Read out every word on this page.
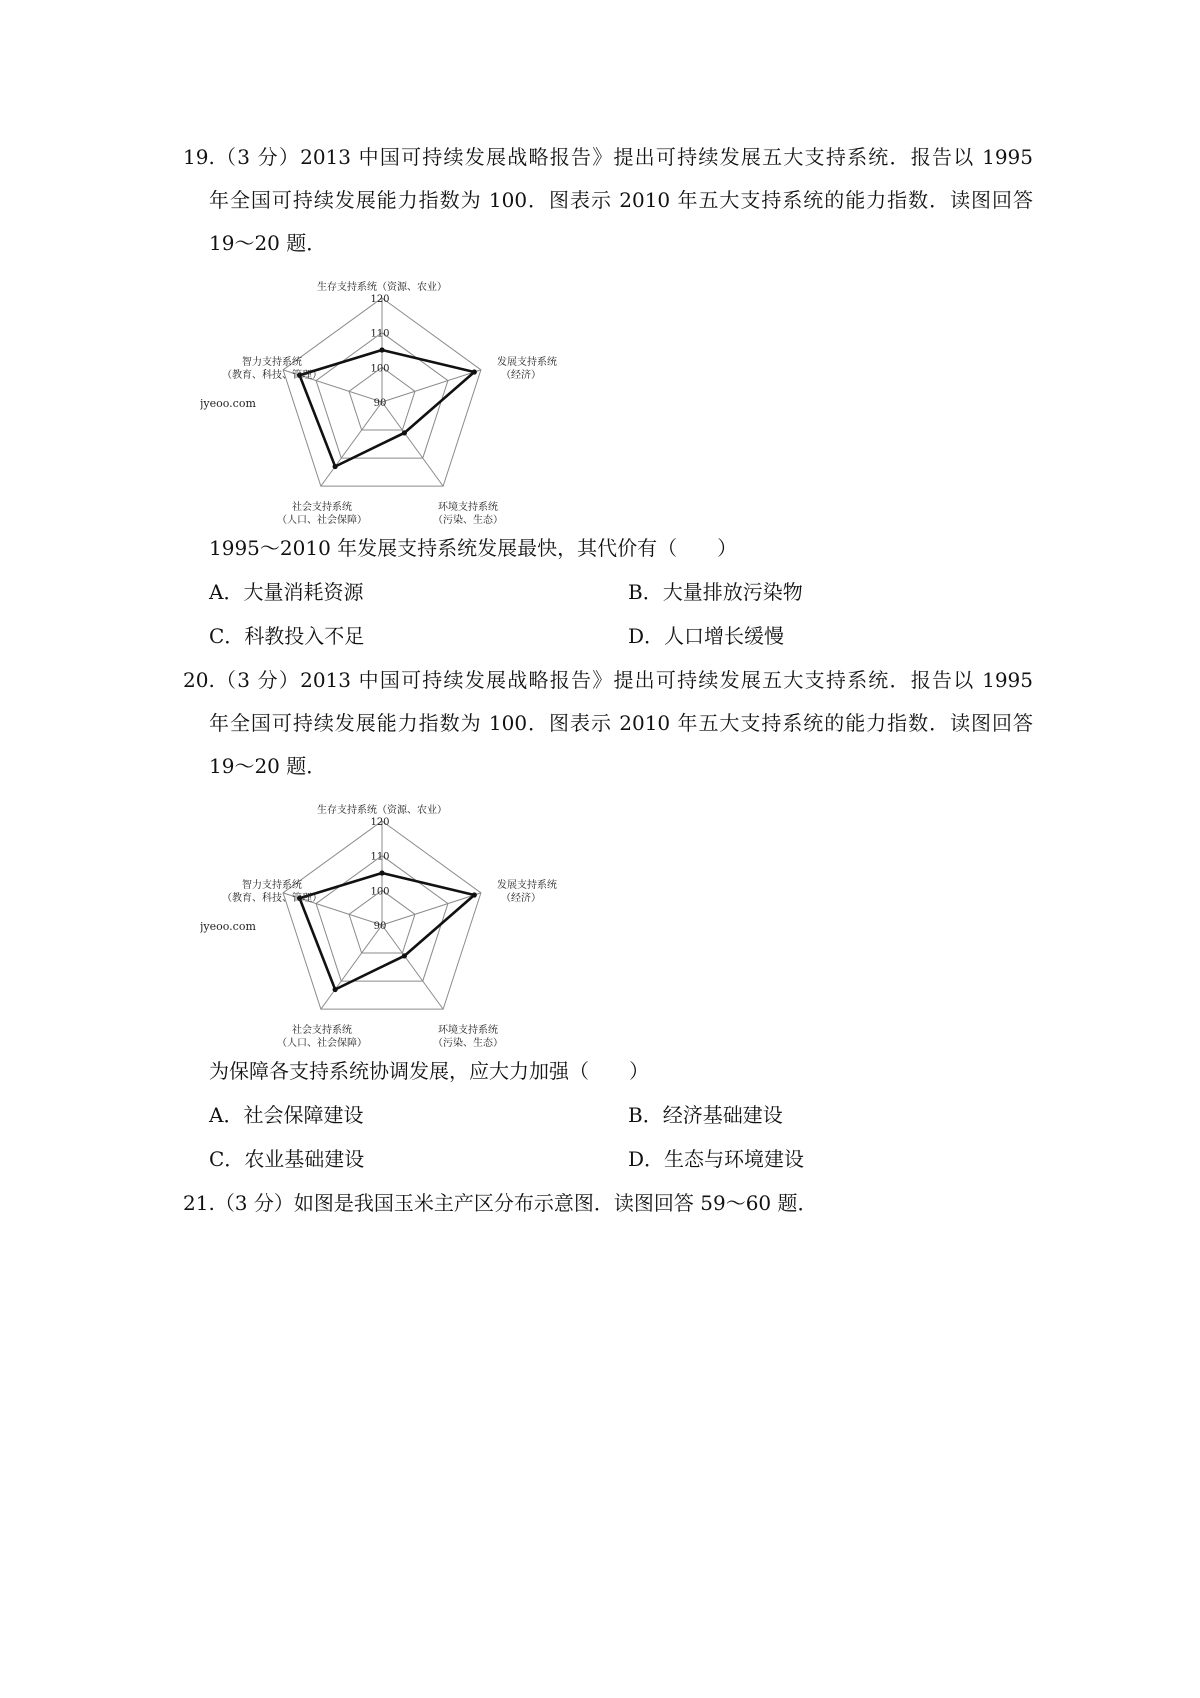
19.（3 分）2013 中国可持续发展战略报告》提出可持续发展五大支持系统．报告以 1995
年全国可持续发展能力指数为 100．图表示 2010 年五大支持系统的能力指数．读图回答
19～20 题．
90
100
110
120
生存支持系统（资源、农业）
发展支持系统
（经济）
环境支持系统
（污染、生态）
社会支持系统
（人口、社会保障）
智力支持系统
（教育、科技、管理）
jyeoo.com
1995～2010 年发展支持系统发展最快，其代价有（　　）
A．大量消耗资源	B．大量排放污染物
C．科教投入不足	D．人口增长缓慢
20.（3 分）2013 中国可持续发展战略报告》提出可持续发展五大支持系统．报告以 1995
年全国可持续发展能力指数为 100．图表示 2010 年五大支持系统的能力指数．读图回答
19～20 题．
90
100
110
120
生存支持系统（资源、农业）
发展支持系统
（经济）
环境支持系统
（污染、生态）
社会支持系统
（人口、社会保障）
智力支持系统
（教育、科技、管理）
jyeoo.com
为保障各支持系统协调发展，应大力加强（　　）
A．社会保障建设	B．经济基础建设
C．农业基础建设	D．生态与环境建设
21.（3 分）如图是我国玉米主产区分布示意图．读图回答 59～60 题．
